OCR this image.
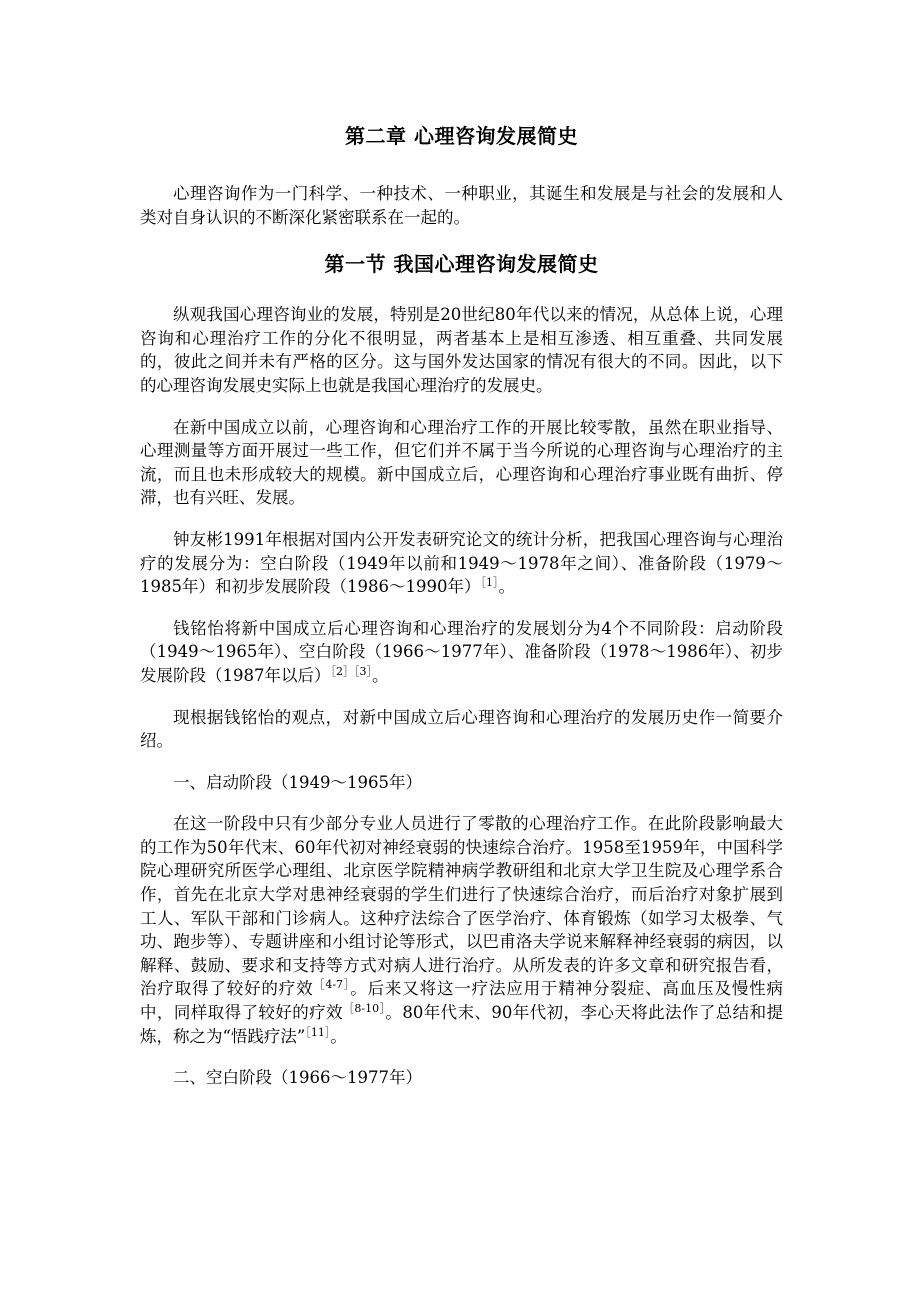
第二章 心理咨询发展简史

心理咨询作为一门科学、一种技术、一种职业，其诞生和发展是与社会的发展和人类对自身认识的不断深化紧密联系在一起的。

第一节 我国心理咨询发展简史

纵观我国心理咨询业的发展，特别是20世纪80年代以来的情况，从总体上说，心理咨询和心理治疗工作的分化不很明显，两者基本上是相互渗透、相互重叠、共同发展的，彼此之间并未有严格的区分。这与国外发达国家的情况有很大的不同。因此，以下的心理咨询发展史实际上也就是我国心理治疗的发展史。

在新中国成立以前，心理咨询和心理治疗工作的开展比较零散，虽然在职业指导、心理测量等方面开展过一些工作，但它们并不属于当今所说的心理咨询与心理治疗的主流，而且也未形成较大的规模。新中国成立后，心理咨询和心理治疗事业既有曲折、停滞，也有兴旺、发展。

钟友彬1991年根据对国内公开发表研究论文的统计分析，把我国心理咨询与心理治疗的发展分为：空白阶段（1949年以前和1949～1978年之间）、准备阶段（1979～1985年）和初步发展阶段（1986～1990年）$^{[1]}$。

钱铭怡将新中国成立后心理咨询和心理治疗的发展划分为4个不同阶段：启动阶段（1949～1965年）、空白阶段（1966～1977年）、准备阶段（1978～1986年）、初步发展阶段（1987年以后）$^{[2][3]}$。

现根据钱铭怡的观点，对新中国成立后心理咨询和心理治疗的发展历史作一简要介绍。

一、启动阶段（1949～1965年）

在这一阶段中只有少部分专业人员进行了零散的心理治疗工作。在此阶段影响最大的工作为50年代末、60年代初对神经衰弱的快速综合治疗。1958至1959年，中国科学院心理研究所医学心理组、北京医学院精神病学教研组和北京大学卫生院及心理学系合作，首先在北京大学对患神经衰弱的学生们进行了快速综合治疗，而后治疗对象扩展到工人、军队干部和门诊病人。这种疗法综合了医学治疗、体育锻炼（如学习太极拳、气功、跑步等）、专题讲座和小组讨论等形式，以巴甫洛夫学说来解释神经衰弱的病因，以解释、鼓励、要求和支持等方式对病人进行治疗。从所发表的许多文章和研究报告看，治疗取得了较好的疗效$^{[4-7]}$。后来又将这一疗法应用于精神分裂症、高血压及慢性病中，同样取得了较好的疗效$^{[8-10]}$。80年代末、90年代初，李心天将此法作了总结和提炼，称之为“悟践疗法”$^{[11]}$。

二、空白阶段（1966～1977年）
